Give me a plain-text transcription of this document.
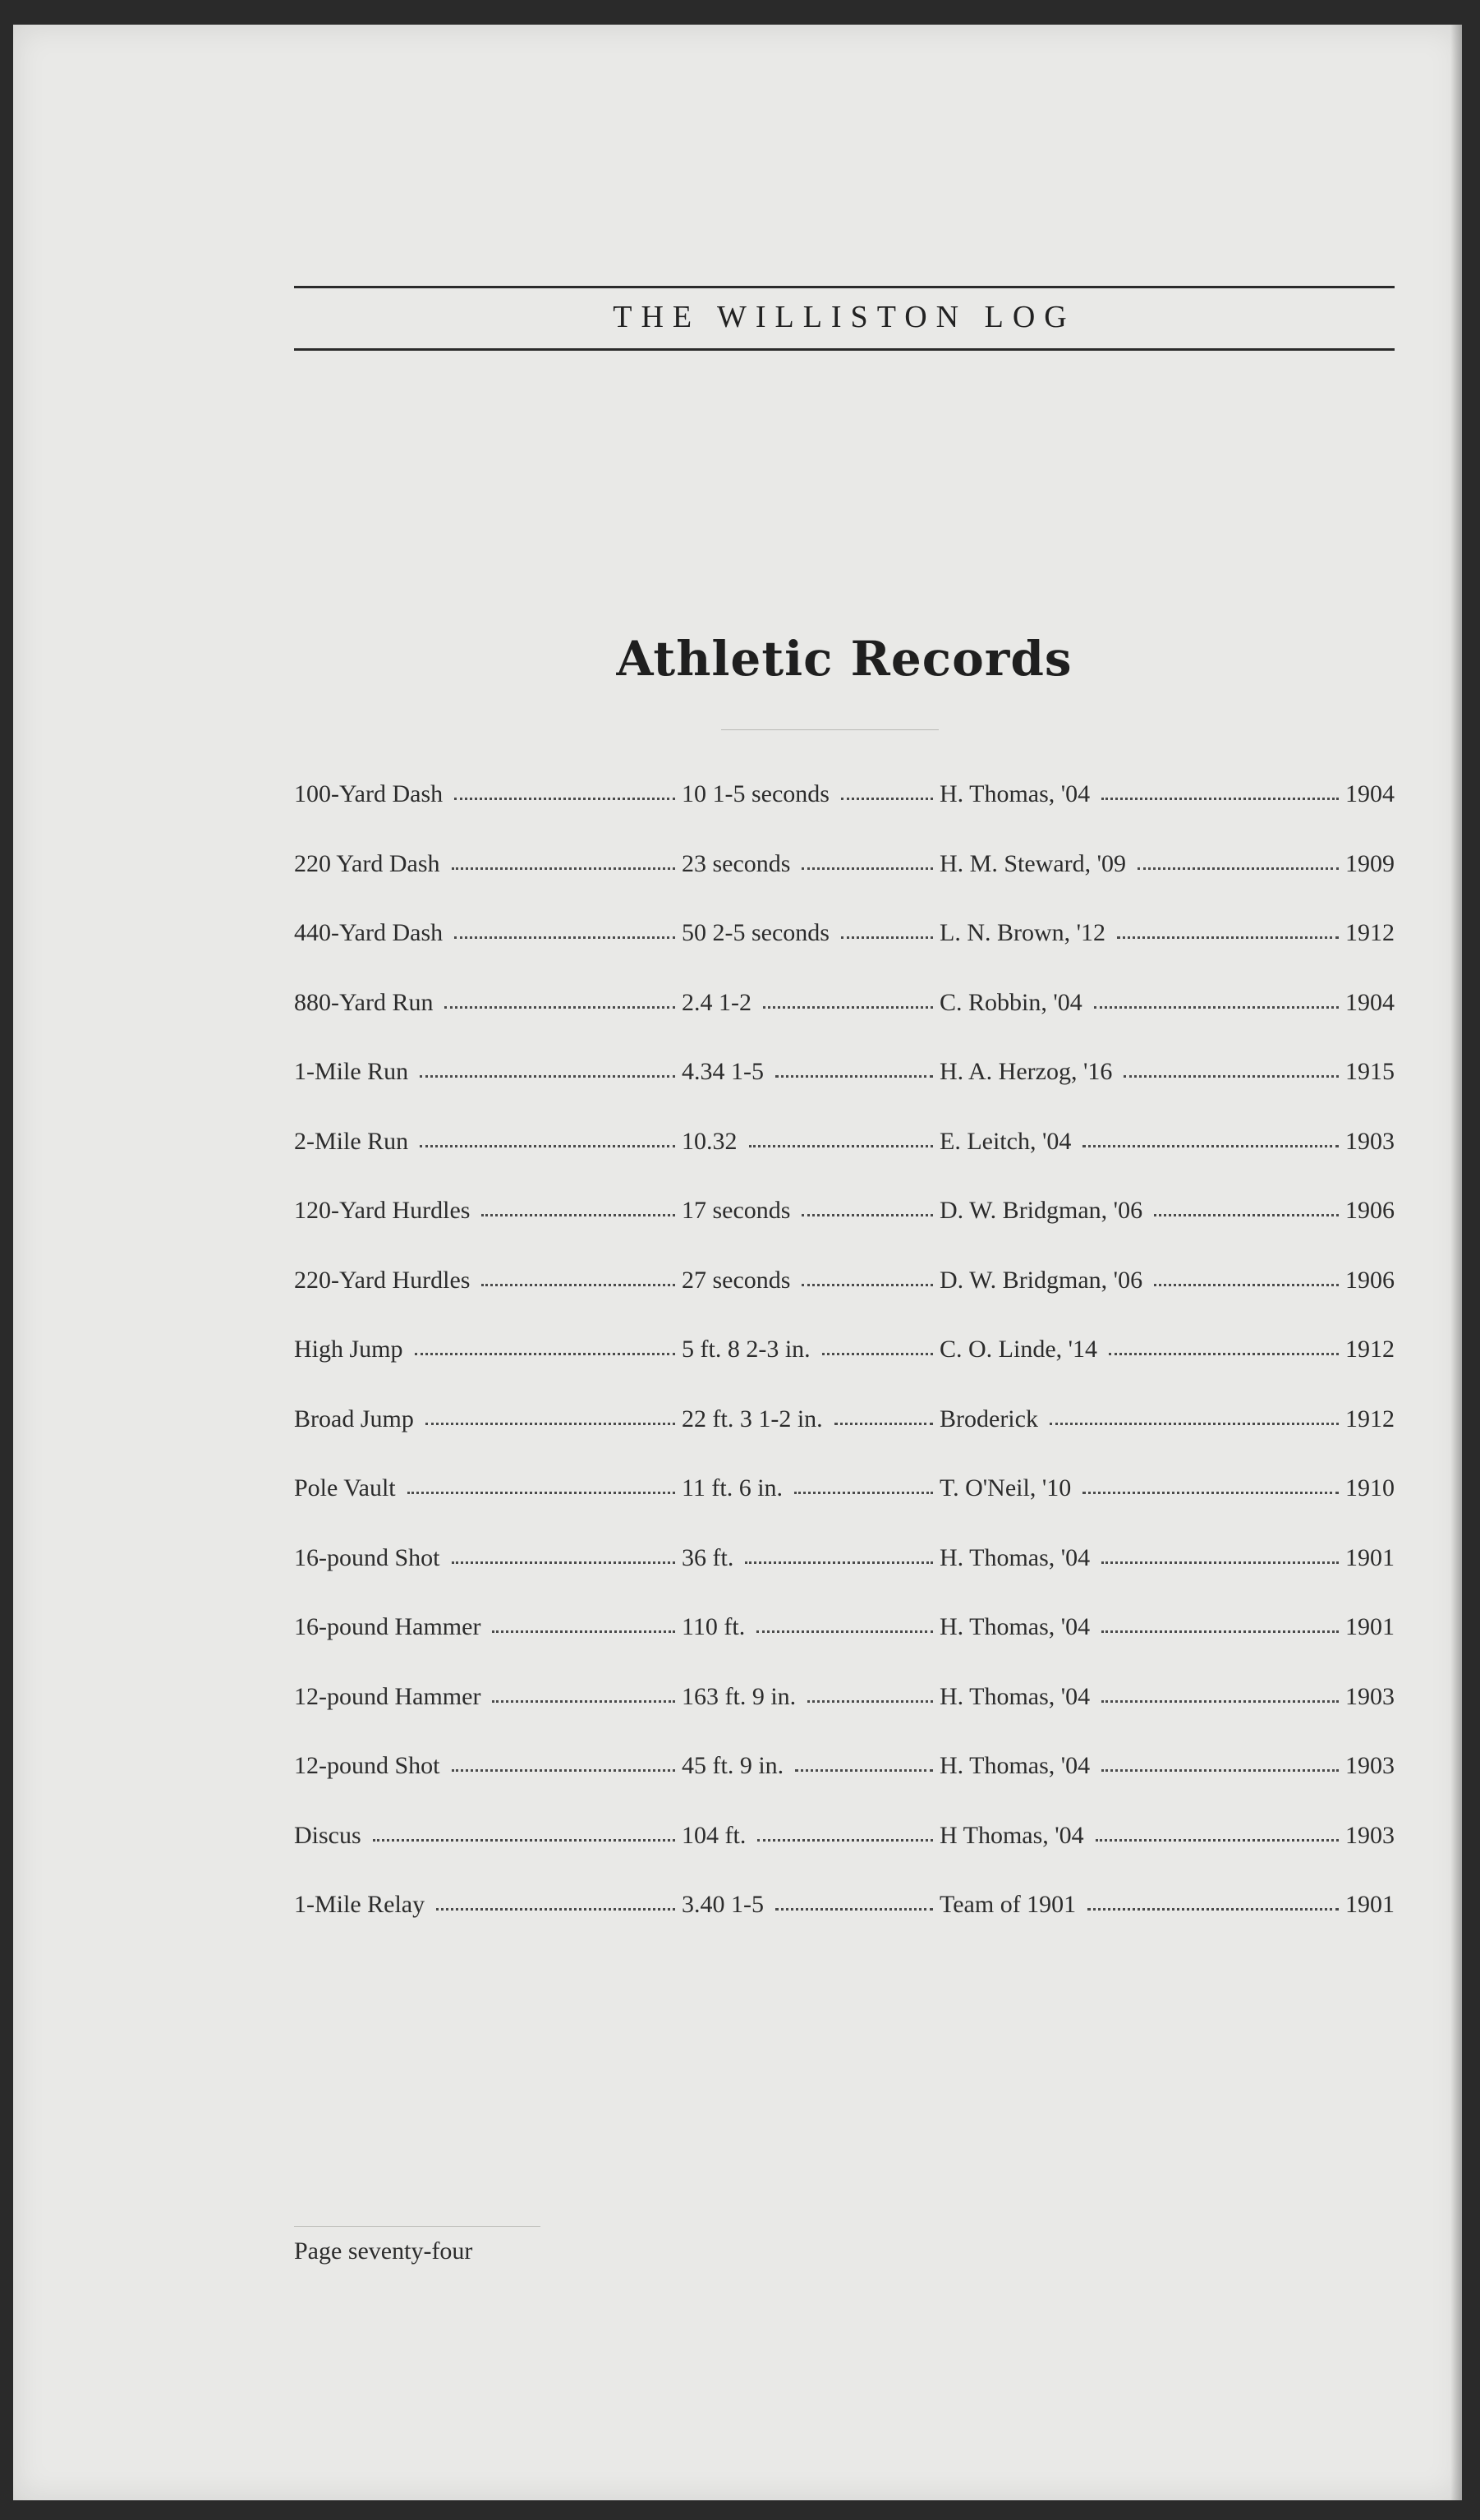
THE WILLISTON LOG
Athletic Records
100-Yard Dash	10 1-5 seconds	H. Thomas, '04	1904
220 Yard Dash	23 seconds	H. M. Steward, '09	1909
440-Yard Dash	50 2-5 seconds	L. N. Brown, '12	1912
880-Yard Run	2.4 1-2	C. Robbin, '04	1904
1-Mile Run	4.34 1-5	H. A. Herzog, '16	1915
2-Mile Run	10.32	E. Leitch, '04	1903
120-Yard Hurdles	17 seconds	D. W. Bridgman, '06	1906
220-Yard Hurdles	27 seconds	D. W. Bridgman, '06	1906
High Jump	5 ft. 8 2-3 in.	C. O. Linde, '14	1912
Broad Jump	22 ft. 3 1-2 in.	Broderick	1912
Pole Vault	11 ft. 6 in.	T. O'Neil, '10	1910
16-pound Shot	36 ft.	H. Thomas, '04	1901
16-pound Hammer	110 ft.	H. Thomas, '04	1901
12-pound Hammer	163 ft. 9 in.	H. Thomas, '04	1903
12-pound Shot	45 ft. 9 in.	H. Thomas, '04	1903
Discus	104 ft.	H Thomas, '04	1903
1-Mile Relay	3.40 1-5	Team of 1901	1901
Page seventy-four
